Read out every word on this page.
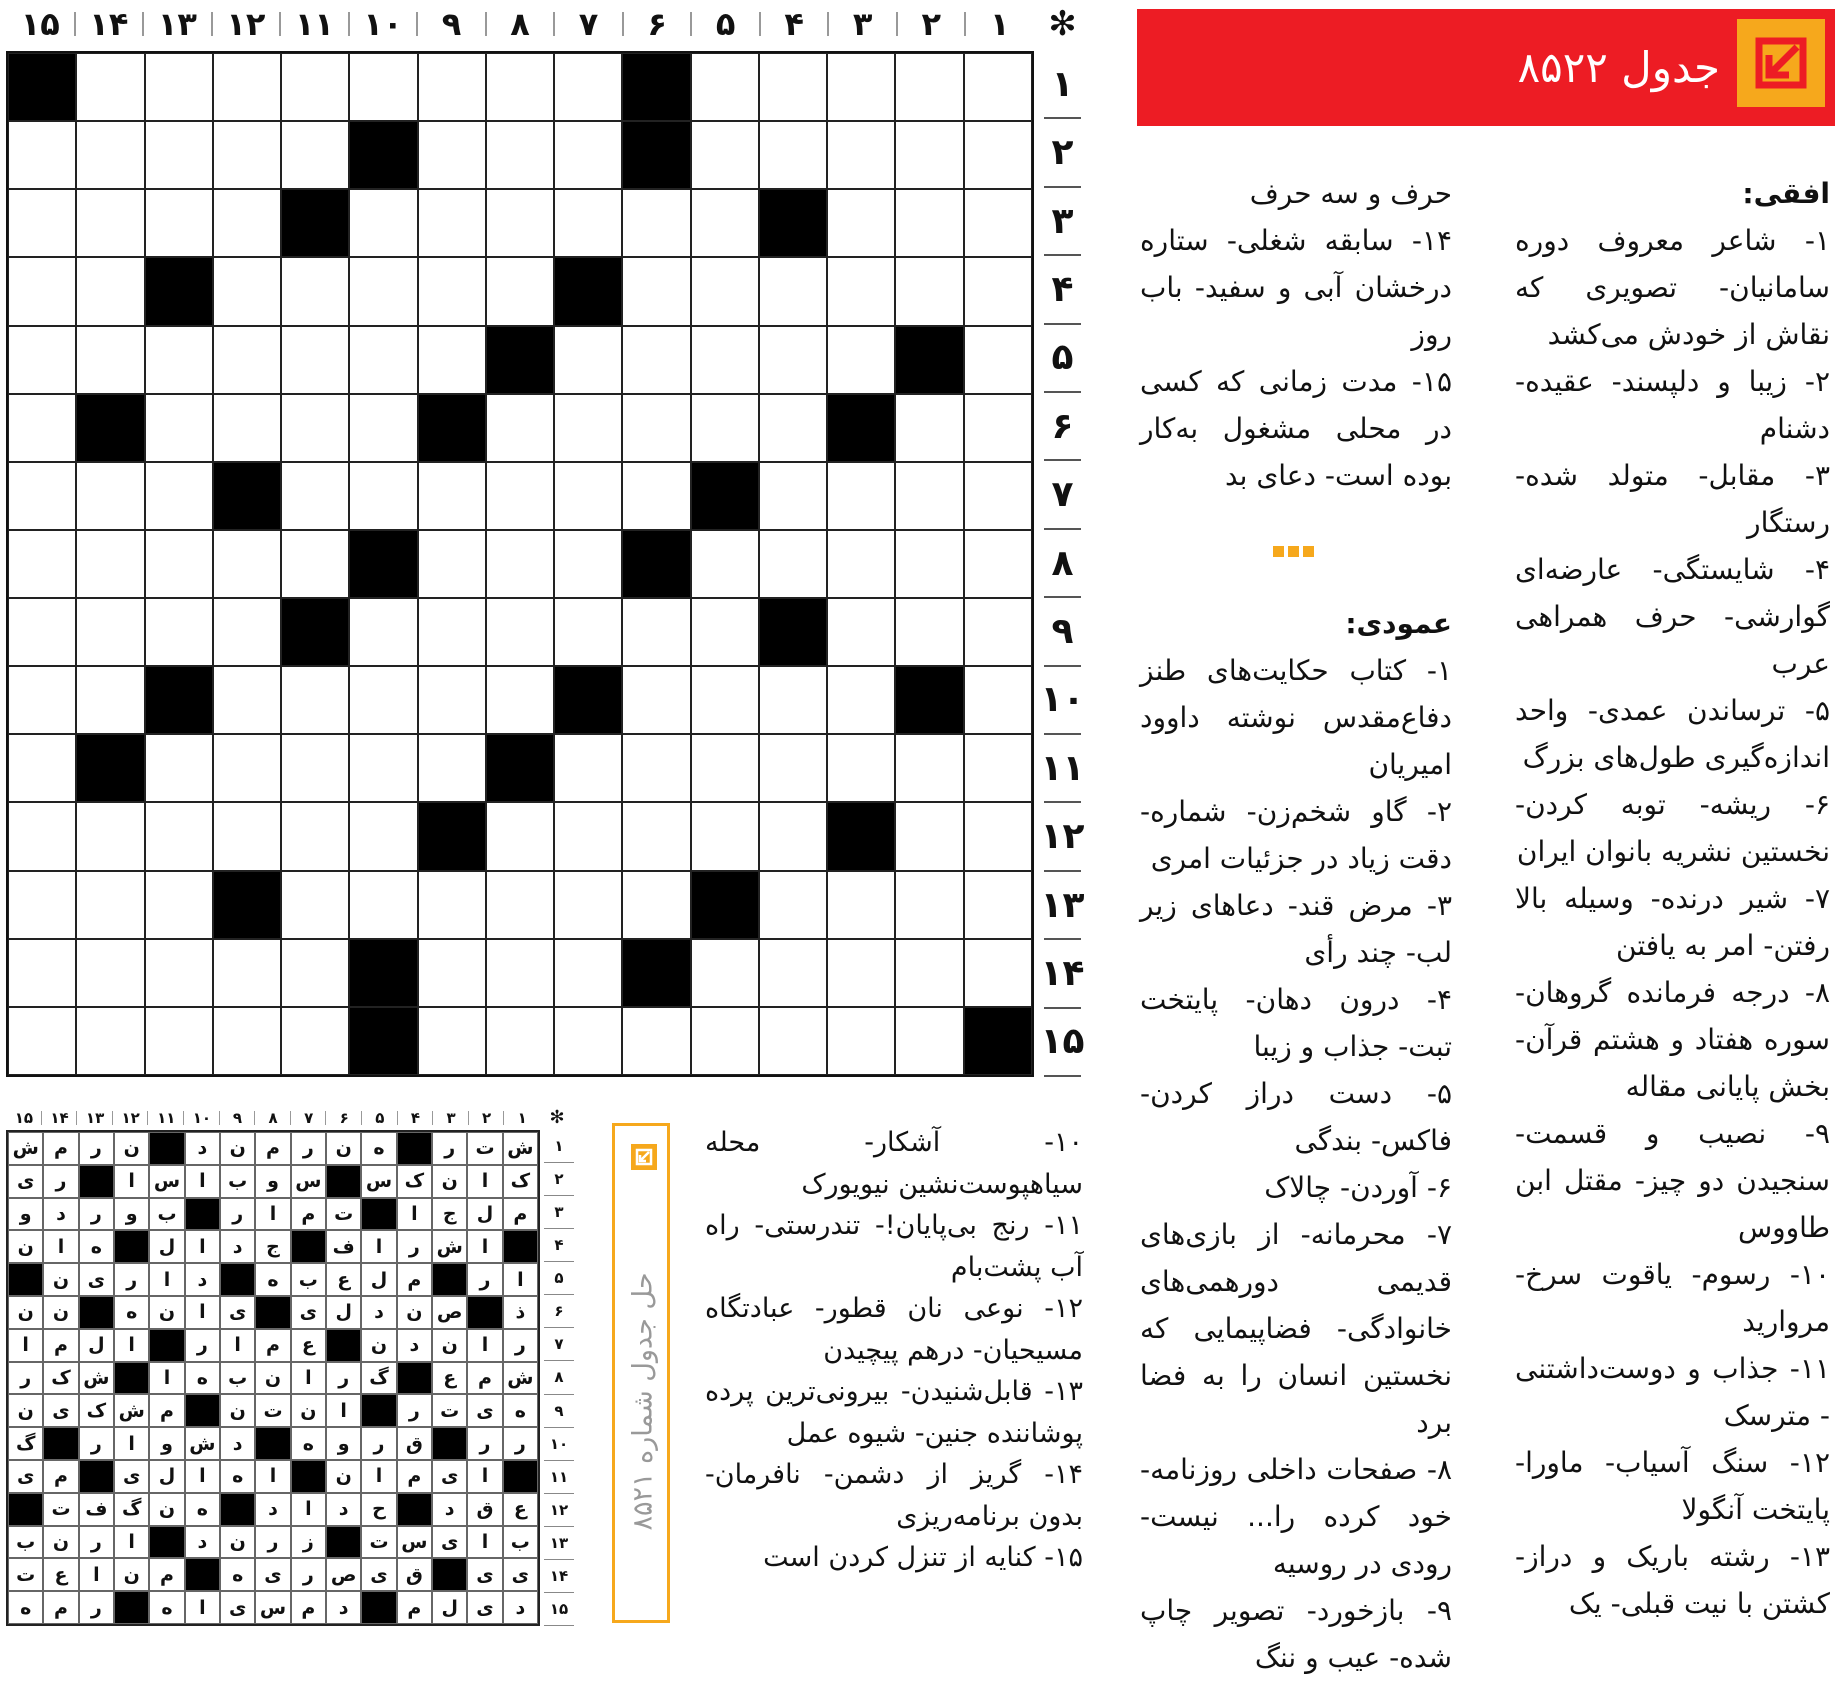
۱
۲
۳
۴
۵
۶
۷
۸
۹
۱۰
۱۱
۱۲
۱۳
۱۴
۱۵	✻
۱
۲
۳
۴
۵
۶
۷
۸
۹
۱۰
۱۱
۱۲
۱۳
۱۴
۱۵
جدول ۸۵۲۲
افقی:

۱- شاعر معروف دوره سامانیان- تصویری که نقاش از خودش می‌کشد

۲- زیبا و دلپسند- عقیده- دشنام

۳- مقابل- متولد شده- رستگار

۴- شایستگی- عارضه‌ای گوارشی- حرف همراهی عرب

۵- ترساندن عمدی- واحد اندازه‌گیری طول‌های بزرگ

۶- ریشه- توبه کردن- نخستین نشریه بانوان ایران

۷- شیر درنده- وسیله بالا رفتن- امر به یافتن

۸- درجه فرمانده گروهان- سوره هفتاد و هشتم قرآن- بخش پایانی مقاله

۹- نصیب و قسمت- سنجیدن دو چیز- مقتل ابن طاووس

۱۰- رسوم- یاقوت سرخ- مروارید

۱۱- جذاب و دوست‌داشتنی - مترسک

۱۲- سنگ آسیاب- ماورا- پایتخت آنگولا

۱۳- رشته باریک و دراز- کشتن با نیت قبلی- یک

حرف و سه حرف

۱۴- سابقه شغلی- ستاره درخشان آبی و سفید- باب روز

۱۵- مدت زمانی که کسی در محلی مشغول به‌کار بوده است- دعای بد

عمودی:

۱- کتاب حکایت‌های طنز دفاع‌مقدس نوشته داوود امیریان

۲- گاو شخم‌زن- شماره- دقت زیاد در جزئیات امری

۳- مرض قند- دعاهای زیر لب- چند رأی

۴- درون دهان- پایتخت تبت- جذاب و زیبا

۵- دست دراز کردن- فاکس- بندگی

۶- آوردن- چالاک

۷- محرمانه- از بازی‌های قدیمی دورهمی‌های خانوادگی- فضاپیمایی که نخستین انسان را به فضا برد

۸- صفحات داخلی روزنامه- خود کرده را... نیست- رودی در روسیه

۹- بازخورد- تصویر چاپ شده- عیب و ننگ

۱۰- آشکار- محله سیاهپوست‌نشین نیویورک

۱۱- رنج بی‌پایان!- تندرستی- راه آب پشت‌بام

۱۲- نوعی نان قطور- عبادتگاه مسیحیان- درهم پیچیدن

۱۳- قابل‌شنیدن- بیرونی‌ترین پرده پوشاننده جنین- شیوه عمل

۱۴- گریز از دشمن- نافرمان- بدون برنامه‌ریزی

۱۵- کنایه از تنزل کردن است

حل جدول شماره ۸۵۲۱
۱
۲
۳
۴
۵
۶
۷
۸
۹
۱۰
۱۱
۱۲
۱۳
۱۴
۱۵	✻
ش
ت
ر
ه
ن
ر
م
ن
د
ن
ر
م
ش
ک
ا
ن
ک
س
س
و
ب
ا
س
ا
ر
ی
م
ل
ج
ا
ت
م
ا
ر
ب
و
ر
د
و
ا
ش
ر
ا
ف
ج
د
ا
ل
ه
ا
ن
ا
ر
م
ل
ع
ب
ه
د
ا
ر
ی
ن
ذ
ص
ن
د
ل
ی
ی
ا
ن
ه
ن
ن
ر
ا
ن
د
ن
ع
م
ا
ر
ا
ل
م
ا
ش
م
ع
گ
ر
ا
ن
ب
ه
ا
ش
ک
ر
ه
ی
ت
ر
ا
ن
ت
ن
م
ش
ک
ی
ن
ر
ر
ق
ر
و
ه
د
ش
و
ا
ر
گ
ا
ی
م
ا
ن
ا
ه
ا
ل
ی
م
ی
ع
ق
د
ح
د
ا
د
ه
ن
گ
ف
ت
ب
ا
ی
س
ت
ز
ر
ن
د
ا
ر
ن
ب
ی
ی
ق
ی
ص
ر
ی
ه
م
ن
ا
ع
ت
د
ی
ل
م
د
م
س
ی
ا
ه
ر
م
ه
۱
۲
۳
۴
۵
۶
۷
۸
۹
۱۰
۱۱
۱۲
۱۳
۱۴
۱۵
